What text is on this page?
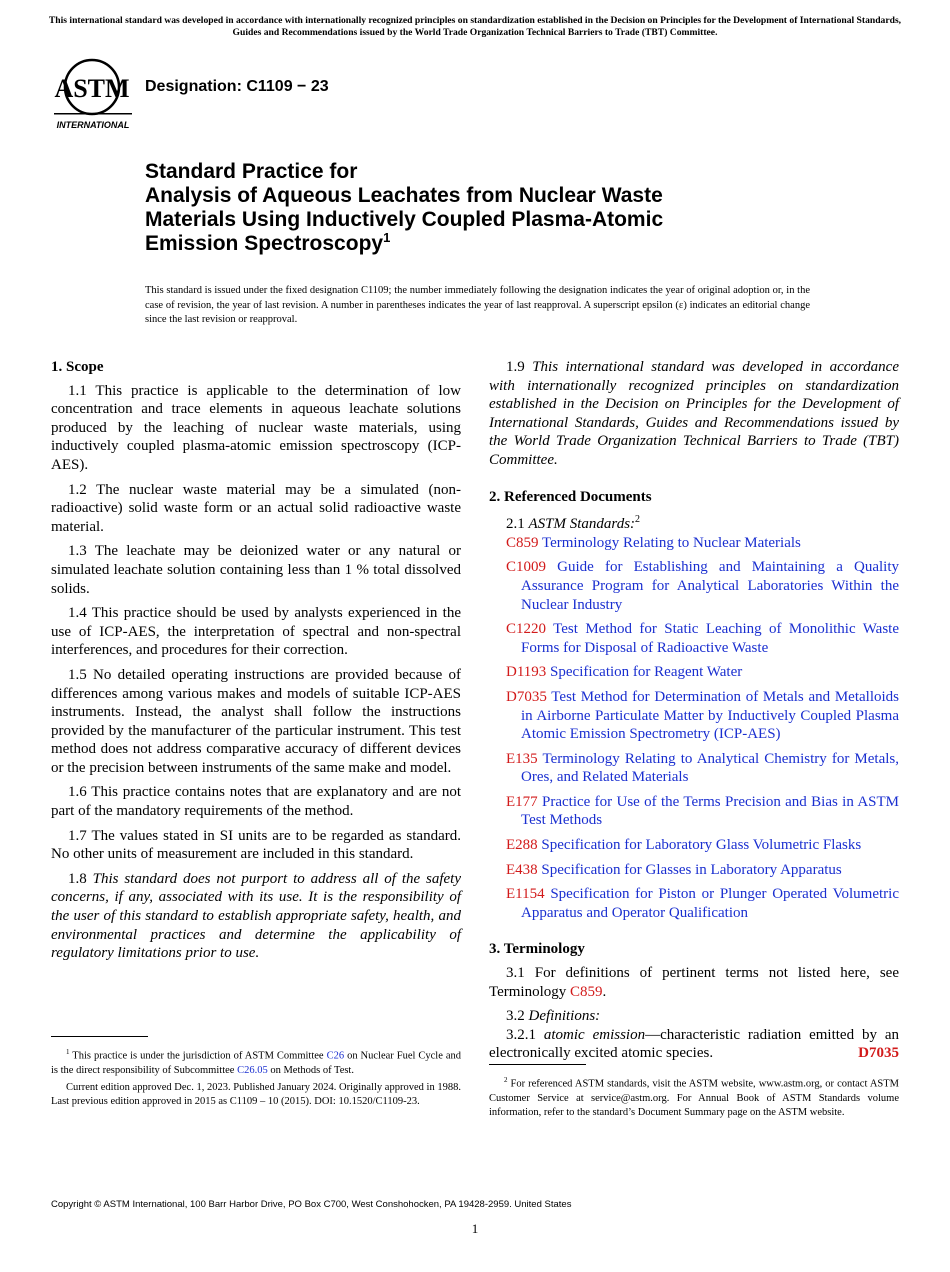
This international standard was developed in accordance with internationally recognized principles on standardization established in the Decision on Principles for the Development of International Standards, Guides and Recommendations issued by the World Trade Organization Technical Barriers to Trade (TBT) Committee.
ASTM
INTERNATIONAL
Designation: C1109 − 23
Standard Practice for
Analysis of Aqueous Leachates from Nuclear Waste
Materials Using Inductively Coupled Plasma-Atomic
Emission Spectroscopy$^1$
This standard is issued under the fixed designation C1109; the number immediately following the designation indicates the year of original adoption or, in the case of revision, the year of last revision. A number in parentheses indicates the year of last reapproval. A superscript epsilon (ε) indicates an editorial change since the last revision or reapproval.
1. Scope

1.1 This practice is applicable to the determination of low concentration and trace elements in aqueous leachate solutions produced by the leaching of nuclear waste materials, using inductively coupled plasma-atomic emission spectroscopy (ICP-AES).

1.2 The nuclear waste material may be a simulated (non-radioactive) solid waste form or an actual solid radioactive waste material.

1.3 The leachate may be deionized water or any natural or simulated leachate solution containing less than 1 % total dissolved solids.

1.4 This practice should be used by analysts experienced in the use of ICP-AES, the interpretation of spectral and non-spectral interferences, and procedures for their correction.

1.5 No detailed operating instructions are provided because of differences among various makes and models of suitable ICP-AES instruments. Instead, the analyst shall follow the instructions provided by the manufacturer of the particular instrument. This test method does not address comparative accuracy of different devices or the precision between instruments of the same make and model.

1.6 This practice contains notes that are explanatory and are not part of the mandatory requirements of the method.

1.7 The values stated in SI units are to be regarded as standard. No other units of measurement are included in this standard.

1.8 This standard does not purport to address all of the safety concerns, if any, associated with its use. It is the responsibility of the user of this standard to establish appropriate safety, health, and environmental practices and determine the applicability of regulatory limitations prior to use.

$^1$ This practice is under the jurisdiction of ASTM Committee C26 on Nuclear Fuel Cycle and is the direct responsibility of Subcommittee C26.05 on Methods of Test.

Current edition approved Dec. 1, 2023. Published January 2024. Originally approved in 1988. Last previous edition approved in 2015 as C1109 – 10 (2015). DOI: 10.1520/C1109-23.

1.9 This international standard was developed in accordance with internationally recognized principles on standardization established in the Decision on Principles for the Development of International Standards, Guides and Recommendations issued by the World Trade Organization Technical Barriers to Trade (TBT) Committee.

2. Referenced Documents

2.1 ASTM Standards:$^2$

C859 Terminology Relating to Nuclear Materials

C1009 Guide for Establishing and Maintaining a Quality Assurance Program for Analytical Laboratories Within the Nuclear Industry

C1220 Test Method for Static Leaching of Monolithic Waste Forms for Disposal of Radioactive Waste

D1193 Specification for Reagent Water

D7035 Test Method for Determination of Metals and Metalloids in Airborne Particulate Matter by Inductively Coupled Plasma Atomic Emission Spectrometry (ICP-AES)

E135 Terminology Relating to Analytical Chemistry for Metals, Ores, and Related Materials

E177 Practice for Use of the Terms Precision and Bias in ASTM Test Methods

E288 Specification for Laboratory Glass Volumetric Flasks

E438 Specification for Glasses in Laboratory Apparatus

E1154 Specification for Piston or Plunger Operated Volumetric Apparatus and Operator Qualification

3. Terminology

3.1 For definitions of pertinent terms not listed here, see Terminology C859.

3.2 Definitions:

3.2.1 atomic emission—characteristic radiation emitted by an electronically excited atomic species.	D7035

$^2$ For referenced ASTM standards, visit the ASTM website, www.astm.org, or contact ASTM Customer Service at service@astm.org. For Annual Book of ASTM Standards volume information, refer to the standard’s Document Summary page on the ASTM website.

Copyright © ASTM International, 100 Barr Harbor Drive, PO Box C700, West Conshohocken, PA 19428-2959. United States
1
